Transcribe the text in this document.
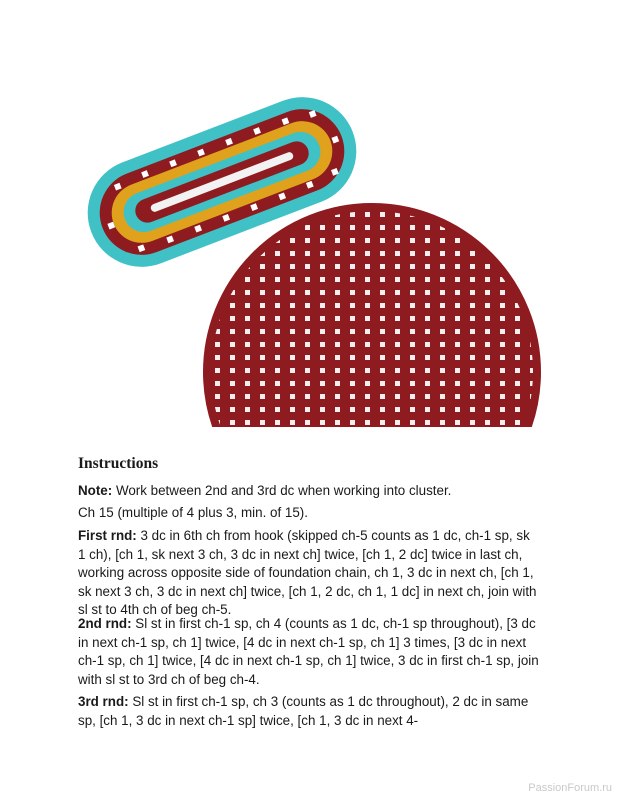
Instructions

Note: Work between 2nd and 3rd dc when working into cluster.

Ch 15 (multiple of 4 plus 3, min. of 15).

First rnd: 3 dc in 6th ch from hook (skipped ch-5 counts as 1 dc, ch-1 sp, sk 1 ch), [ch 1, sk next 3 ch, 3 dc in next ch] twice, [ch 1, 2 dc] twice in last ch, working across opposite side of foundation chain, ch 1, 3 dc in next ch, [ch 1, sk next 3 ch, 3 dc in next ch] twice, [ch 1, 2 dc, ch 1, 1 dc] in next ch, join with sl st to 4th ch of beg ch-5.

2nd rnd: Sl st in first ch-1 sp, ch 4 (counts as 1 dc, ch-1 sp throughout), [3 dc in next ch-1 sp, ch 1] twice, [4 dc in next ch-1 sp, ch 1] 3 times, [3 dc in next ch-1 sp, ch 1] twice, [4 dc in next ch-1 sp, ch 1] twice, 3 dc in first ch-1 sp, join with sl st to 3rd ch of beg ch-4.

3rd rnd: Sl st in first ch-1 sp, ch 3 (counts as 1 dc throughout), 2 dc in same sp, [ch 1, 3 dc in next ch-1 sp] twice, [ch 1, 3 dc in next 4-

PassionForum.ru
